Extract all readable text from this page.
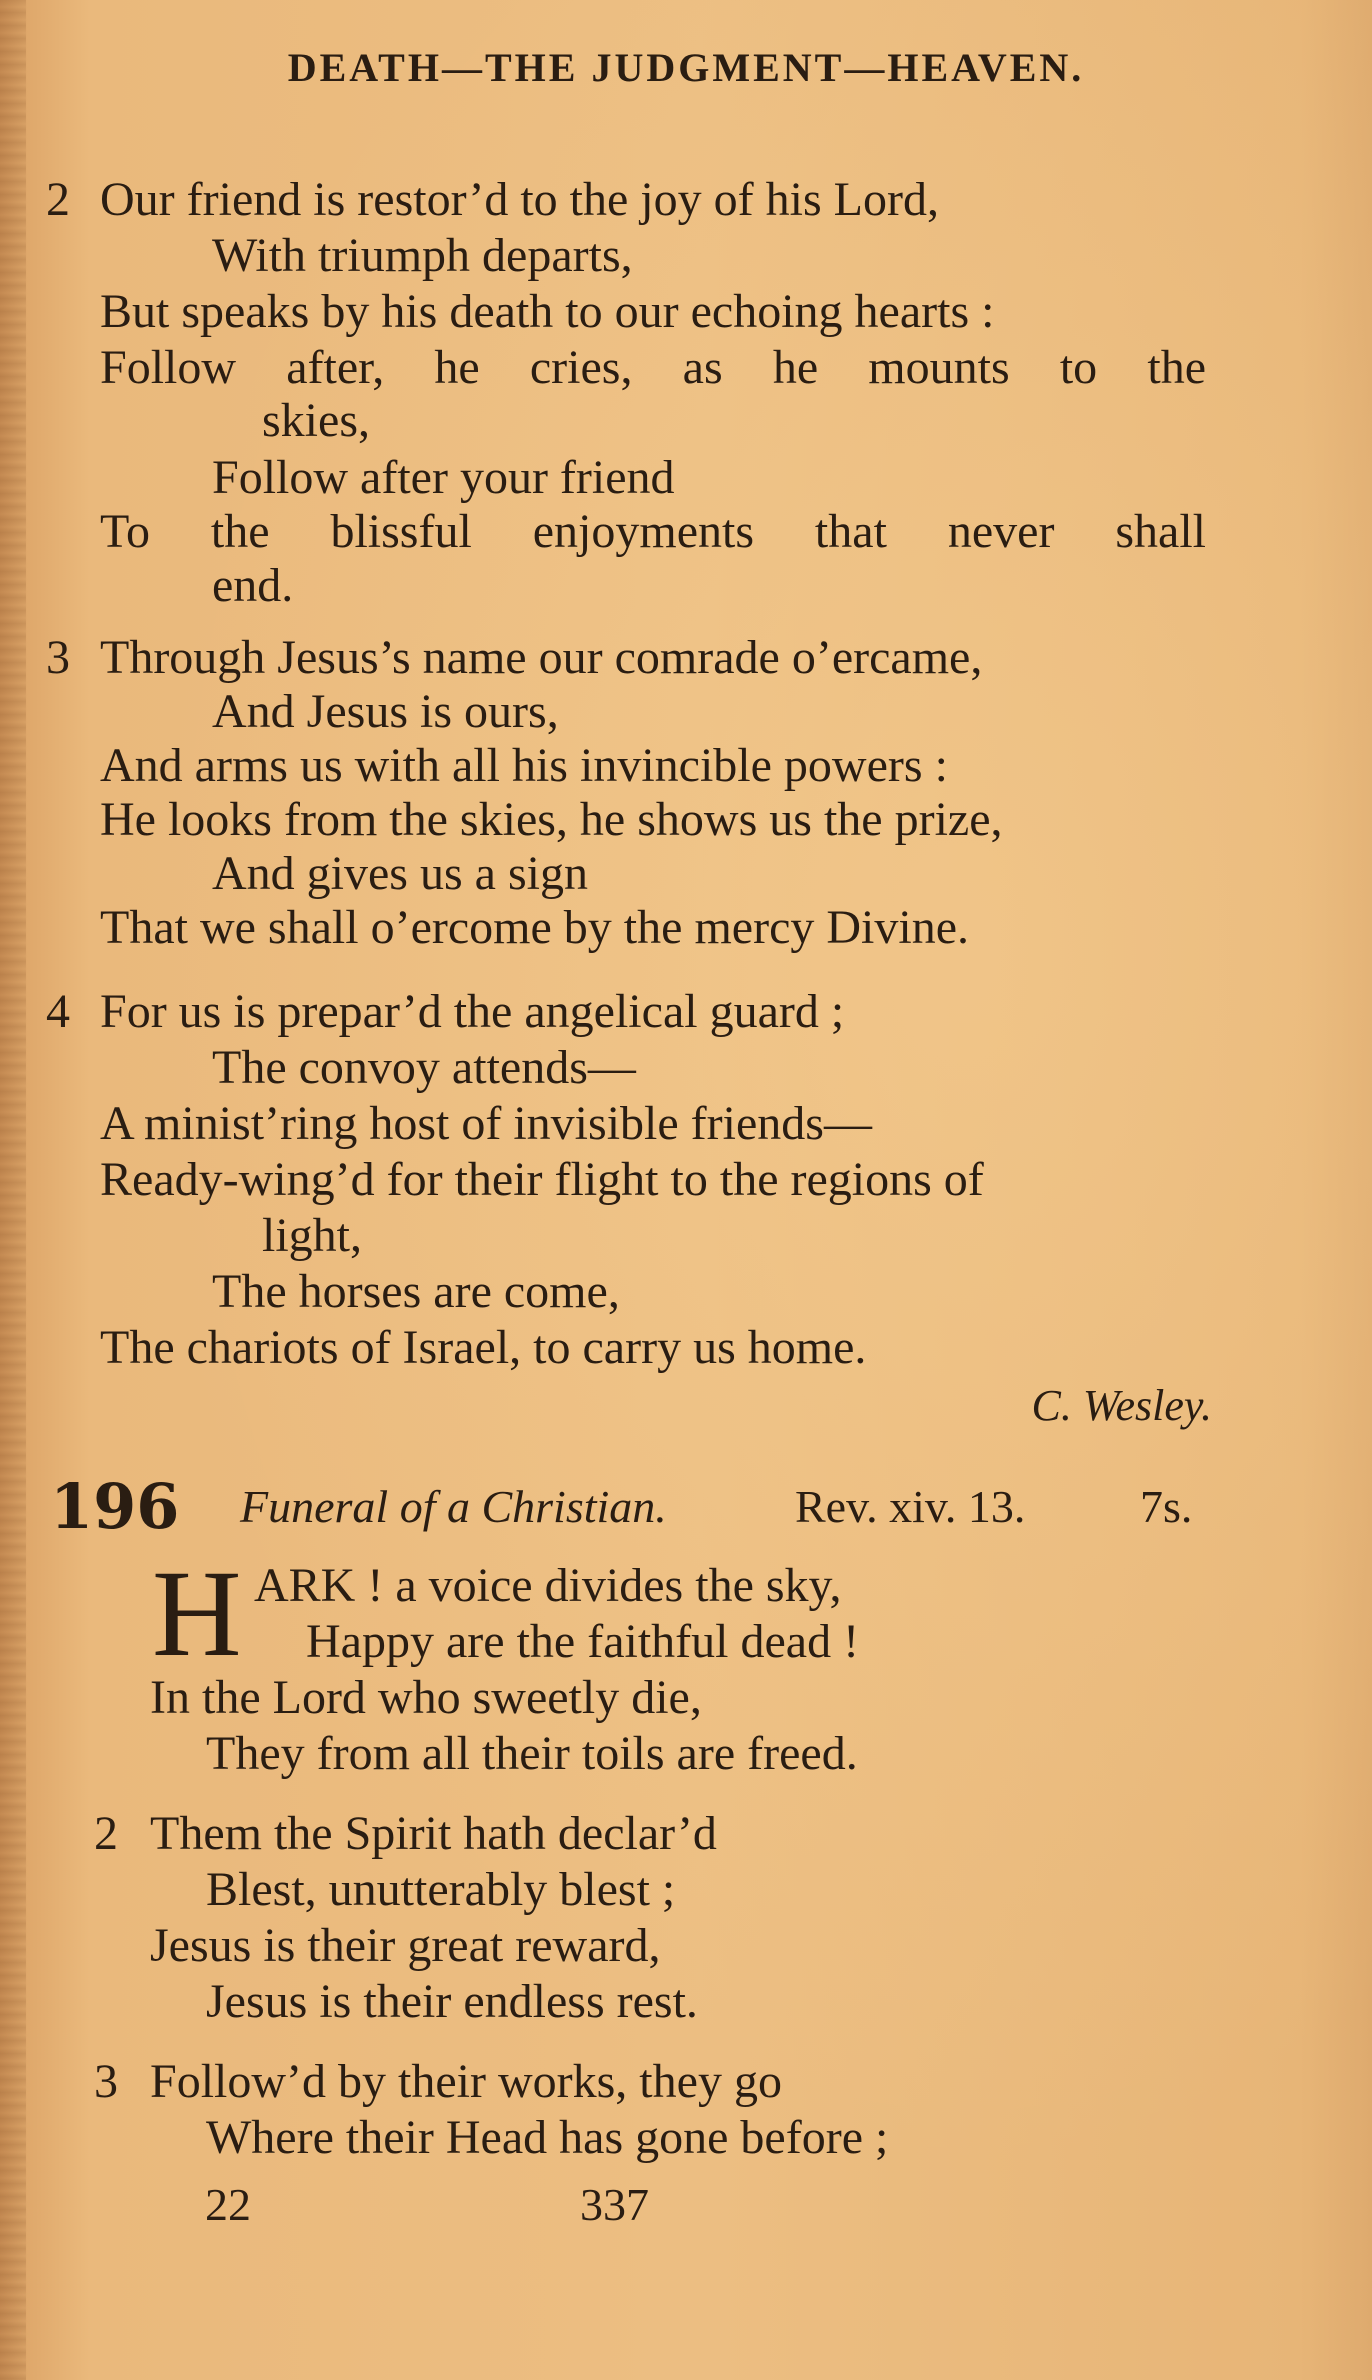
DEATH—THE JUDGMENT—HEAVEN.
2 Our friend is restor’d to the joy of his Lord,
With triumph departs,
But speaks by his death to our echoing hearts :
Follow after, he cries, as he mounts to the
skies,
Follow after your friend
To the blissful enjoyments that never shall
end.
3 Through Jesus’s name our comrade o’ercame,
And Jesus is ours,
And arms us with all his invincible powers :
He looks from the skies, he shows us the prize,
And gives us a sign
That we shall o’ercome by the mercy Divine.
4 For us is prepar’d the angelical guard ;
The convoy attends—
A minist’ring host of invisible friends—
Ready-wing’d for their flight to the regions of
light,
The horses are come,
The chariots of Israel, to carry us home.
C. Wesley.
196 Funeral of a Christian.	Rev. xiv. 13. 7s.
H ARK ! a voice divides the sky,
Happy are the faithful dead !
In the Lord who sweetly die,
They from all their toils are freed.
2 Them the Spirit hath declar’d
Blest, unutterably blest ;
Jesus is their great reward,
Jesus is their endless rest.
3 Follow’d by their works, they go
Where their Head has gone before ;
22	337
